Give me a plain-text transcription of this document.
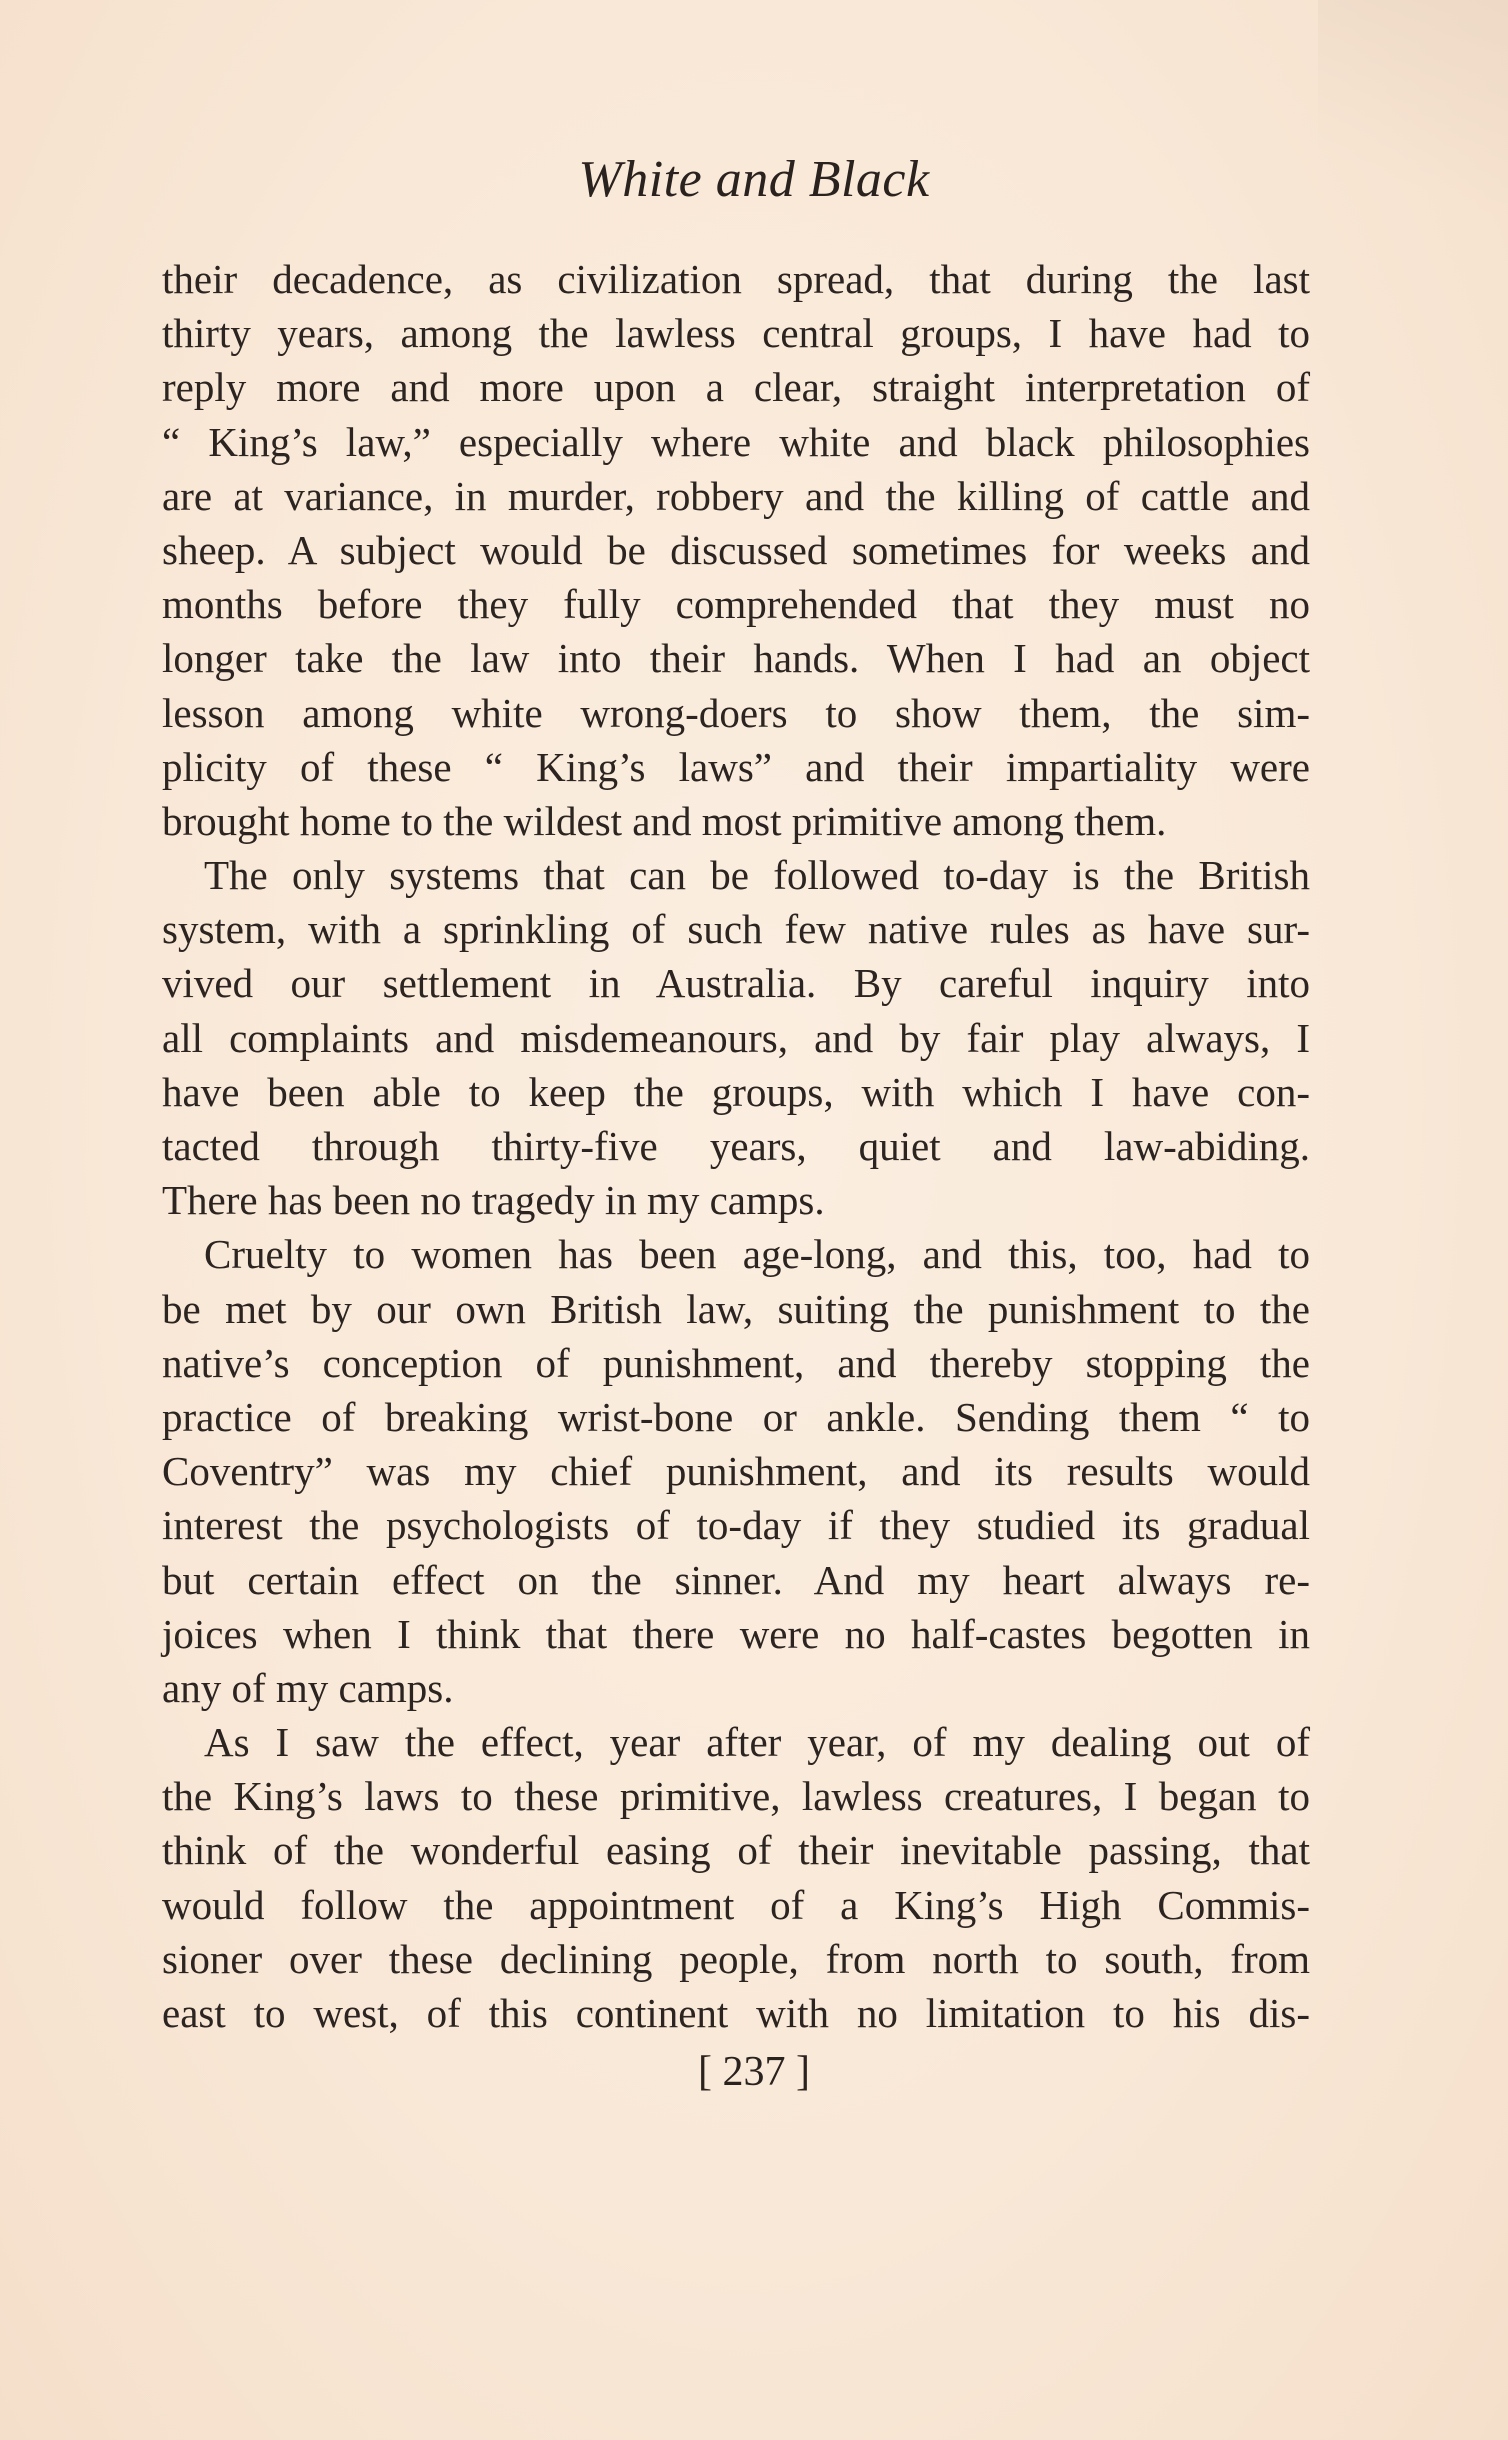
White and Black
their decadence, as civilization spread, that during the last
thirty years, among the lawless central groups, I have had to
reply more and more upon a clear, straight interpretation of
“ King’s law,” especially where white and black philosophies
are at variance, in murder, robbery and the killing of cattle and
sheep. A subject would be discussed sometimes for weeks and
months before they fully comprehended that they must no
longer take the law into their hands. When I had an object
lesson among white wrong-doers to show them, the sim-
plicity of these “ King’s laws” and their impartiality were
brought home to the wildest and most primitive among them.
The only systems that can be followed to-day is the British
system, with a sprinkling of such few native rules as have sur-
vived our settlement in Australia. By careful inquiry into
all complaints and misdemeanours, and by fair play always, I
have been able to keep the groups, with which I have con-
tacted through thirty-five years, quiet and law-abiding.
There has been no tragedy in my camps.
Cruelty to women has been age-long, and this, too, had to
be met by our own British law, suiting the punishment to the
native’s conception of punishment, and thereby stopping the
practice of breaking wrist-bone or ankle. Sending them “ to
Coventry” was my chief punishment, and its results would
interest the psychologists of to-day if they studied its gradual
but certain effect on the sinner. And my heart always re-
joices when I think that there were no half-castes begotten in
any of my camps.
As I saw the effect, year after year, of my dealing out of
the King’s laws to these primitive, lawless creatures, I began to
think of the wonderful easing of their inevitable passing, that
would follow the appointment of a King’s High Commis-
sioner over these declining people, from north to south, from
east to west, of this continent with no limitation to his dis-
[ 237 ]
